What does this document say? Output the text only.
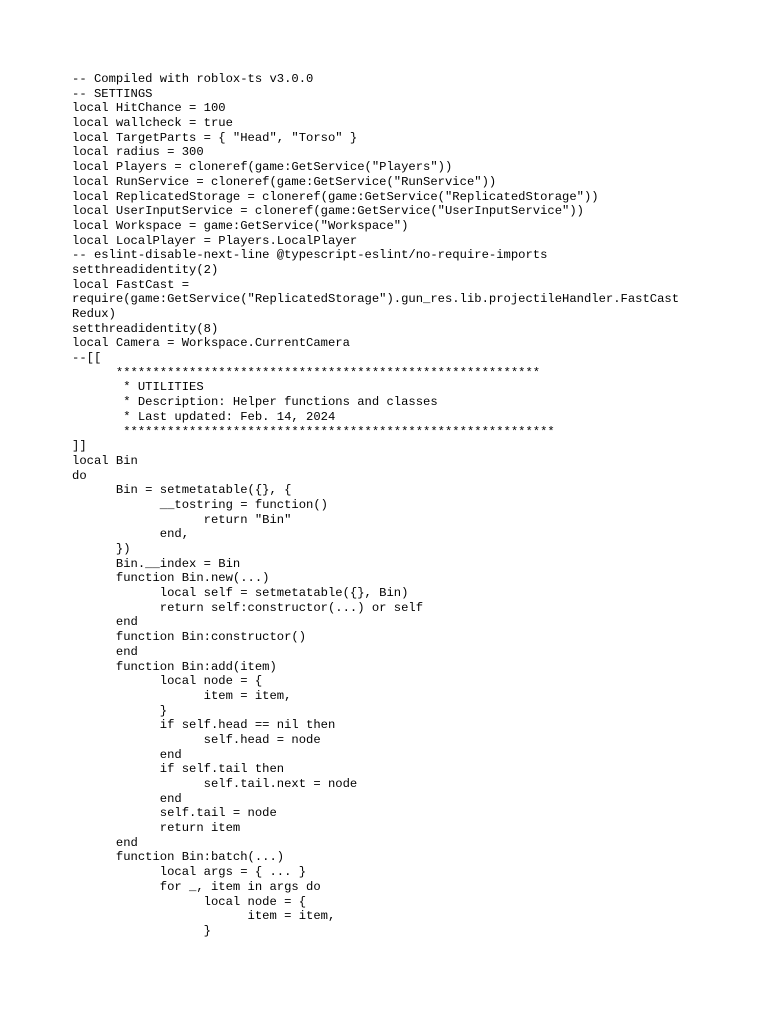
-- Compiled with roblox-ts v3.0.0
-- SETTINGS
local HitChance = 100
local wallcheck = true
local TargetParts = { "Head", "Torso" }
local radius = 300
local Players = cloneref(game:GetService("Players"))
local RunService = cloneref(game:GetService("RunService"))
local ReplicatedStorage = cloneref(game:GetService("ReplicatedStorage"))
local UserInputService = cloneref(game:GetService("UserInputService"))
local Workspace = game:GetService("Workspace")
local LocalPlayer = Players.LocalPlayer
-- eslint-disable-next-line @typescript-eslint/no-require-imports
setthreadidentity(2)
local FastCast =
require(game:GetService("ReplicatedStorage").gun_res.lib.projectileHandler.FastCast
Redux)
setthreadidentity(8)
local Camera = Workspace.CurrentCamera
--[[
**********************************************************
* UTILITIES
* Description: Helper functions and classes
* Last updated: Feb. 14, 2024
***********************************************************
]]
local Bin
do
Bin = setmetatable({}, {
__tostring = function()
return "Bin"
end,
})
Bin.__index = Bin
function Bin.new(...)
local self = setmetatable({}, Bin)
return self:constructor(...) or self
end
function Bin:constructor()
end
function Bin:add(item)
local node = {
item = item,
}
if self.head == nil then
self.head = node
end
if self.tail then
self.tail.next = node
end
self.tail = node
return item
end
function Bin:batch(...)
local args = { ... }
for _, item in args do
local node = {
item = item,
}
